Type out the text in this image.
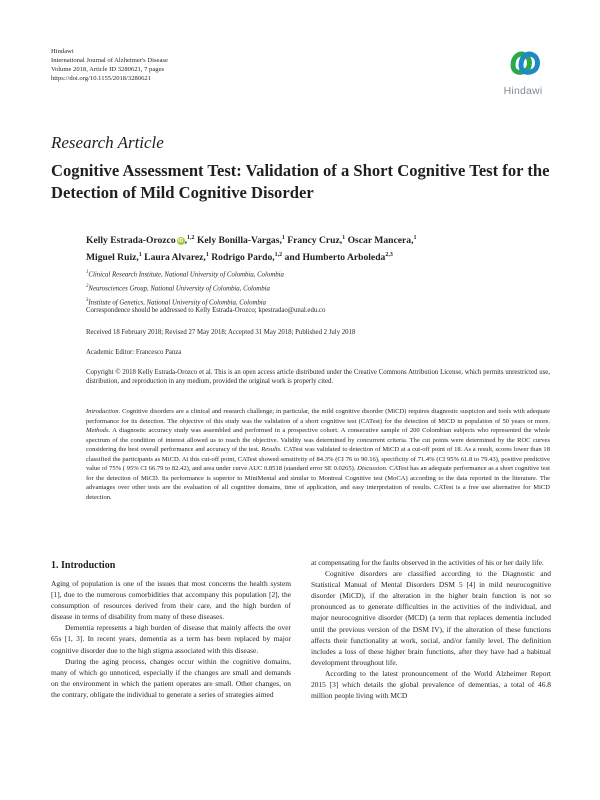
Hindawi
International Journal of Alzheimer's Disease
Volume 2018, Article ID 3280621, 7 pages
https://doi.org/10.1155/2018/3280621
Hindawi
Research Article
Cognitive Assessment Test: Validation of a Short Cognitive Test for the Detection of Mild Cognitive Disorder
Kelly Estrada-Orozco iD ,$^{1,2}$ Kely Bonilla-Vargas,$^1$ Francy Cruz,$^1$ Oscar Mancera,$^1$
Miguel Ruiz,$^1$ Laura Alvarez,$^1$ Rodrigo Pardo,$^{1,2}$ and Humberto Arboleda$^{2,3}$
$^1$Clinical Research Institute, National University of Colombia, Colombia
$^2$Neurosciences Group, National University of Colombia, Colombia
$^3$Institute of Genetics, National University of Colombia, Colombia
Correspondence should be addressed to Kelly Estrada-Orozco; kpestradao@unal.edu.co
Received 18 February 2018; Revised 27 May 2018; Accepted 31 May 2018; Published 2 July 2018
Academic Editor: Francesco Panza

Copyright © 2018 Kelly Estrada-Orozco et al. This is an open access article distributed under the Creative Commons Attribution License, which permits unrestricted use, distribution, and reproduction in any medium, provided the original work is properly cited.

Introduction. Cognitive disorders are a clinical and research challenge; in particular, the mild cognitive disorder (MiCD) requires diagnostic suspicion and tools with adequate performance for its detection. The objective of this study was the validation of a short cognitive test (CATest) for the detection of MiCD in population of 50 years or more. Methods. A diagnostic accuracy study was assembled and performed in a prospective cohort. A consecutive sample of 200 Colombian subjects who represented the whole spectrum of the condition of interest allowed us to reach the objective. Validity was determined by concurrent criteria. The cut points were determined by the ROC curves considering the best overall performance and accuracy of the test. Results. CATest was validated to detection of MiCD at a cut-off point of 18. As a result, scores lower than 18 classified the participants as MiCD. At this cut-off point, CATest showed sensitivity of 84.3% (CI 76 to 90.16), specificity of 71.4% (CI 95% 61.8 to 79.43), positive predictive value of 75% ( 95% CI 66.79 to 82.42), and area under curve AUC 0.8518 (standard error SE 0.0265). Discussion. CATest has an adequate performance as a short cognitive test for the detection of MiCD. Its performance is superior to MiniMental and similar to Montreal Cognitive test (MoCA) according to the data reported in the literature. The advantages over other tests are the evaluation of all cognitive domains, time of application, and easy interpretation of results. CATest is a free use alternative for MiCD detection.

1. Introduction

Aging of population is one of the issues that most concerns the health system [1], due to the numerous comorbidities that accompany this population [2], the consumption of resources derived from their care, and the high burden of disease in terms of disability from many of these diseases.

Dementia represents a high burden of disease that mainly affects the over 65s [1, 3]. In recent years, dementia as a term has been replaced by major cognitive disorder due to the high stigma associated with this disease.

During the aging process, changes occur within the cognitive domains, many of which go unnoticed, especially if the changes are small and demands on the environment in which the patient operates are small. Other changes, on the contrary, obligate the individual to generate a series of strategies aimed

at compensating for the faults observed in the activities of his or her daily life.

Cognitive disorders are classified according to the Diagnostic and Statistical Manual of Mental Disorders DSM 5 [4] in mild neurocognitive disorder (MiCD), if the alteration in the higher brain function is not so pronounced as to generate difficulties in the activities of the individual, and major neurocognitive disorder (MCD) (a term that replaces dementia included until the previous version of the DSM IV), if the alteration of these functions affects their functionality at work, social, and/or family level. The definition includes a loss of these higher brain functions, after they have had a habitual development throughout life.

According to the latest pronouncement of the World Alzheimer Report 2015 [3] which details the global prevalence of dementias, a total of 46.8 million people living with MCD
